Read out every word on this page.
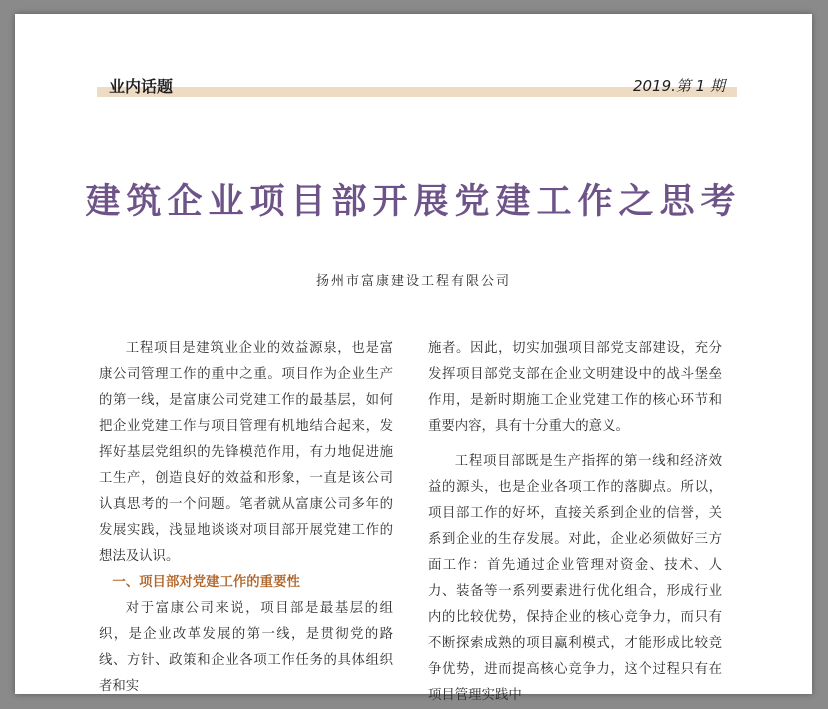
业内话题	2019.第 1 期
建筑企业项目部开展党建工作之思考
扬州市富康建设工程有限公司

工程项目是建筑业企业的效益源泉，也是富康公司管理工作的重中之重。项目作为企业生产的第一线，是富康公司党建工作的最基层，如何把企业党建工作与项目管理有机地结合起来，发挥好基层党组织的先锋模范作用，有力地促进施工生产，创造良好的效益和形象，一直是该公司认真思考的一个问题。笔者就从富康公司多年的发展实践，浅显地谈谈对项目部开展党建工作的想法及认识。

一、项目部对党建工作的重要性

对于富康公司来说，项目部是最基层的组织，是企业改革发展的第一线，是贯彻党的路线、方针、政策和企业各项工作任务的具体组织者和实

施者。因此，切实加强项目部党支部建设，充分发挥项目部党支部在企业文明建设中的战斗堡垒作用，是新时期施工企业党建工作的核心环节和重要内容，具有十分重大的意义。

工程项目部既是生产指挥的第一线和经济效益的源头，也是企业各项工作的落脚点。所以，项目部工作的好坏，直接关系到企业的信誉，关系到企业的生存发展。对此，企业必须做好三方面工作：首先通过企业管理对资金、技术、人力、装备等一系列要素进行优化组合，形成行业内的比较优势，保持企业的核心竞争力，而只有不断探索成熟的项目赢利模式，才能形成比较竞争优势，进而提高核心竞争力，这个过程只有在项目管理实践中
